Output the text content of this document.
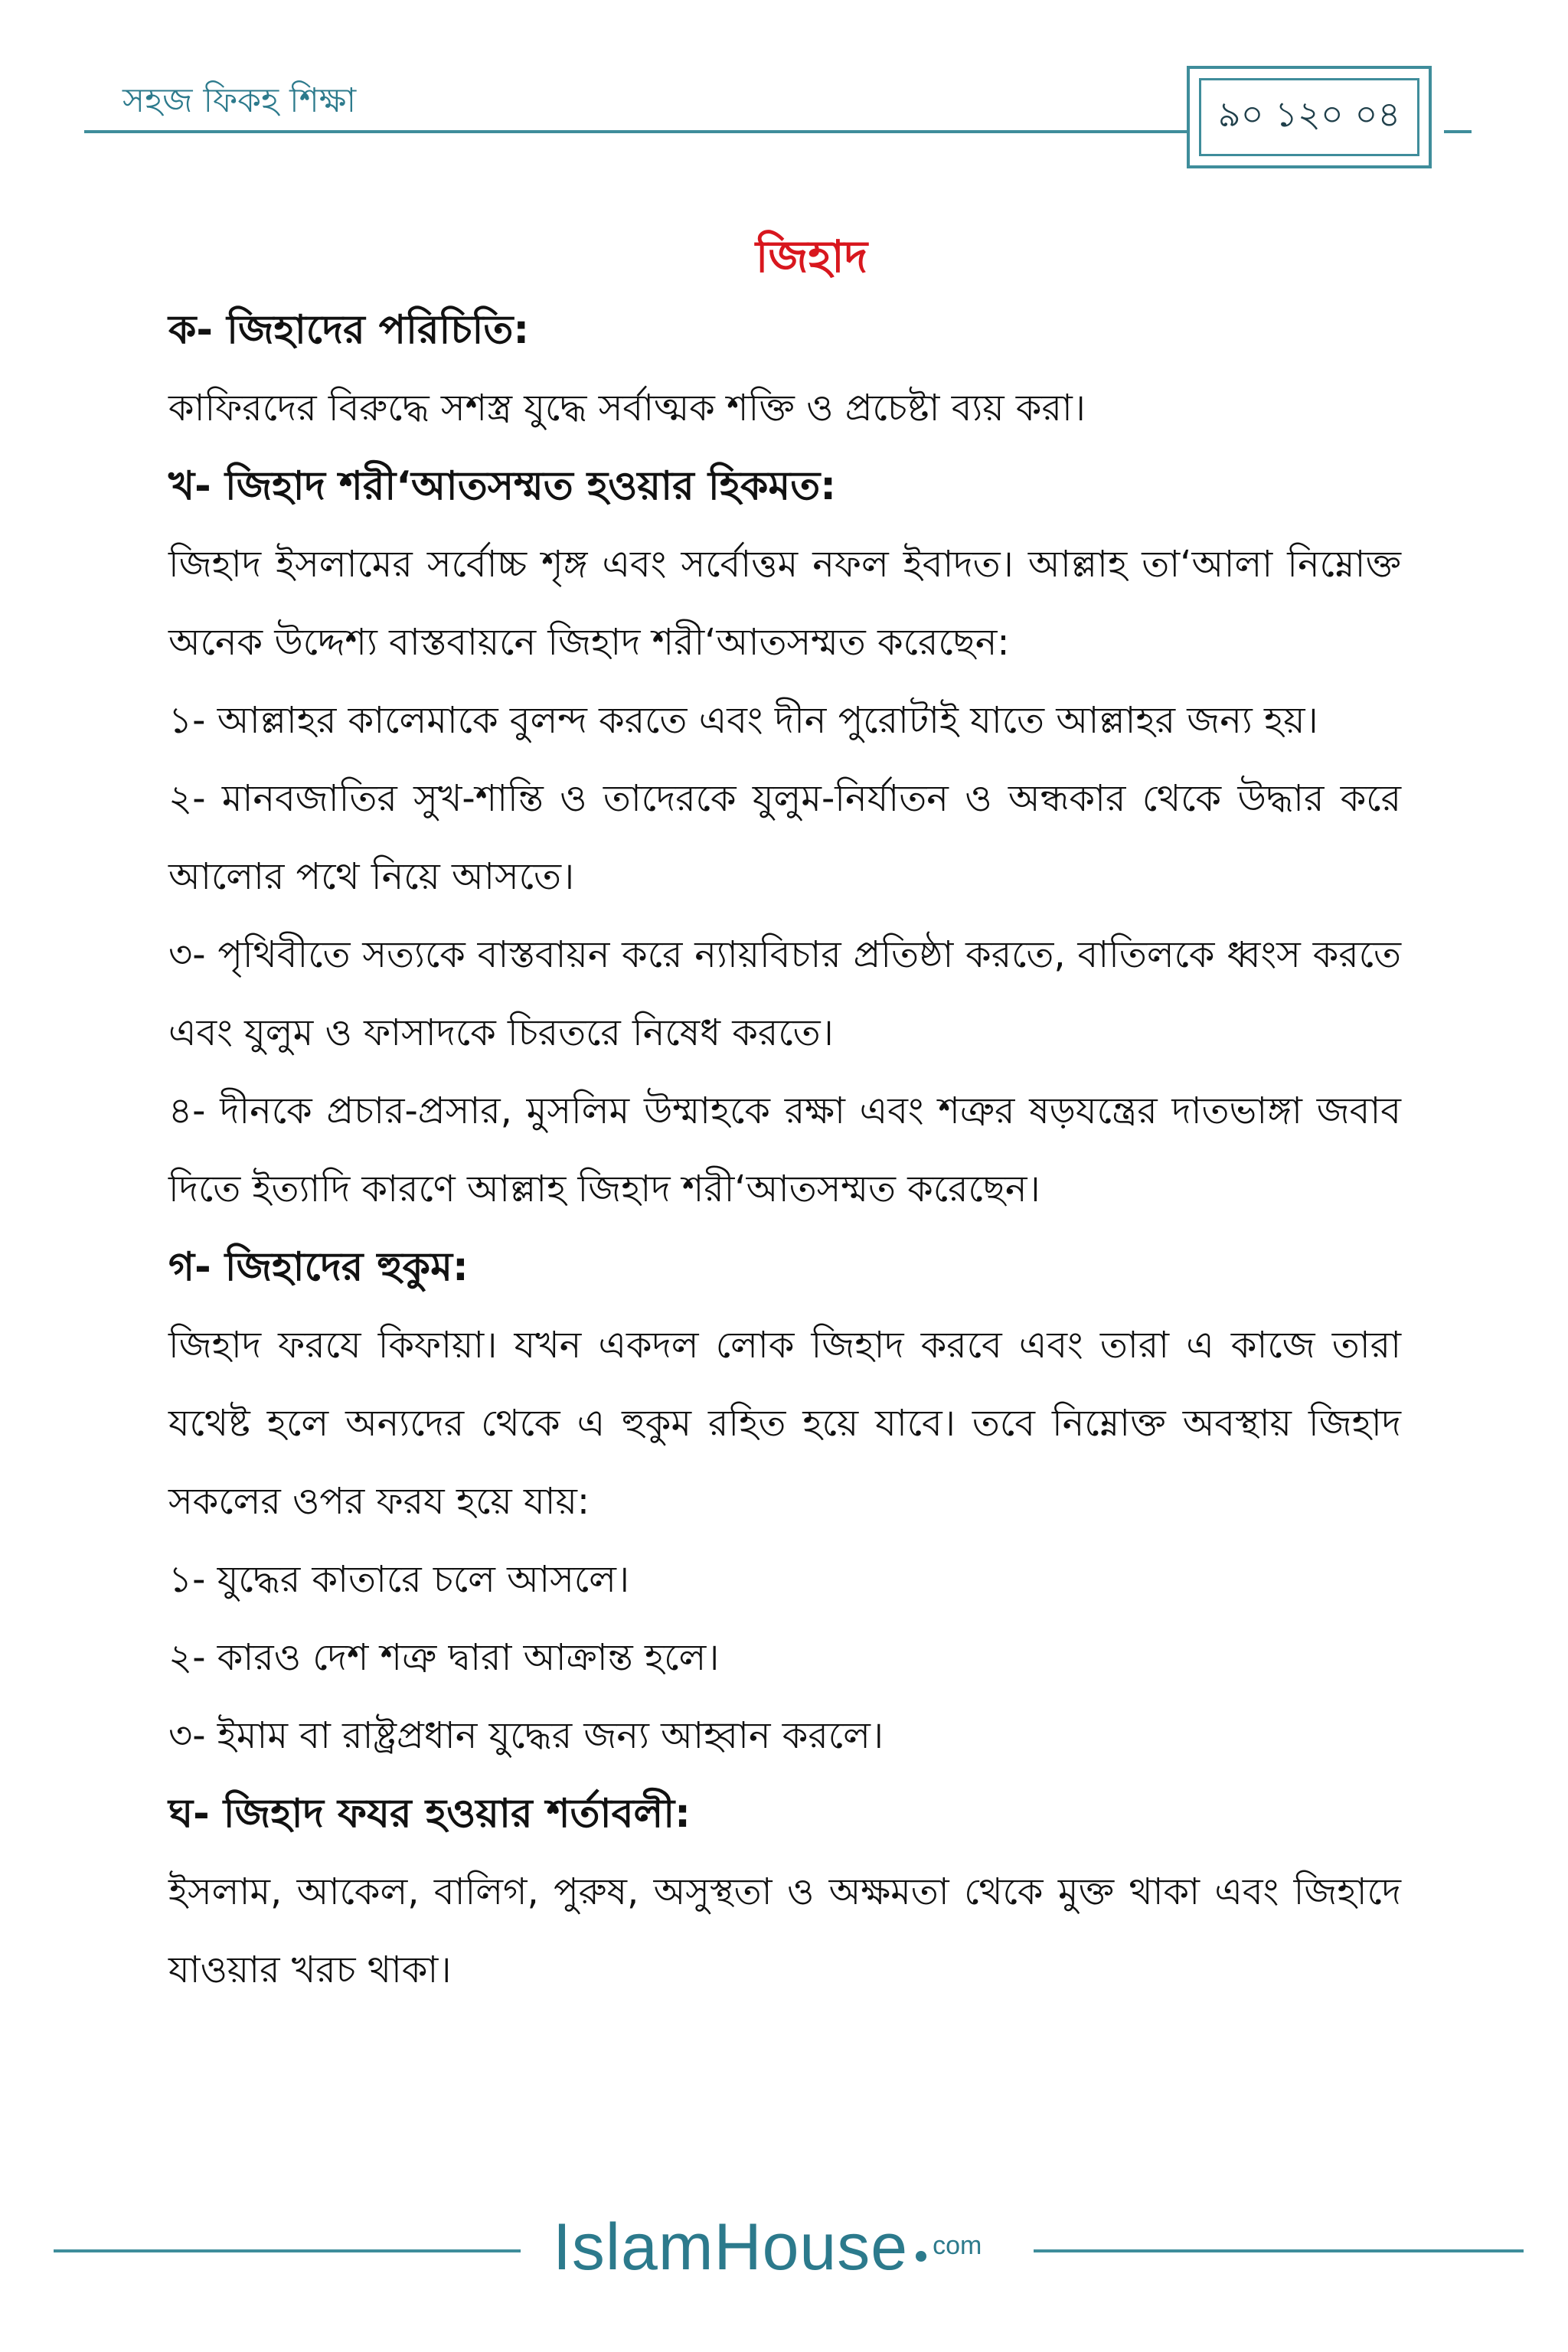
সহজ ফিকহ শিক্ষা	৯০ ১২০ ০৪
জিহাদ
ক- জিহাদের পরিচিতি:
কাফিরদের বিরুদ্ধে সশস্ত্র যুদ্ধে সর্বাত্মক শক্তি ও প্রচেষ্টা ব্যয় করা।
খ- জিহাদ শরী‘আতসম্মত হওয়ার হিকমত:
জিহাদ ইসলামের সর্বোচ্চ শৃঙ্গ এবং সর্বোত্তম নফল ইবাদত। আল্লাহ তা‘আলা নিম্নোক্ত অনেক উদ্দেশ্য বাস্তবায়নে জিহাদ শরী‘আতসম্মত করেছেন:
১- আল্লাহর কালেমাকে বুলন্দ করতে এবং দীন পুরোটাই যাতে আল্লাহর জন্য হয়।
২- মানবজাতির সুখ-শান্তি ও তাদেরকে যুলুম-নির্যাতন ও অন্ধকার থেকে উদ্ধার করে আলোর পথে নিয়ে আসতে।
৩- পৃথিবীতে সত্যকে বাস্তবায়ন করে ন্যায়বিচার প্রতিষ্ঠা করতে, বাতিলকে ধ্বংস করতে এবং যুলুম ও ফাসাদকে চিরতরে নিষেধ করতে।
৪- দীনকে প্রচার-প্রসার, মুসলিম উম্মাহকে রক্ষা এবং শত্রুর ষড়যন্ত্রের দাতভাঙ্গা জবাব দিতে ইত্যাদি কারণে আল্লাহ জিহাদ শরী‘আতসম্মত করেছেন।
গ- জিহাদের হুকুম:
জিহাদ ফরযে কিফায়া। যখন একদল লোক জিহাদ করবে এবং তারা এ কাজে তারা যথেষ্ট হলে অন্যদের থেকে এ হুকুম রহিত হয়ে যাবে। তবে নিম্নোক্ত অবস্থায় জিহাদ সকলের ওপর ফরয হয়ে যায়:
১- যুদ্ধের কাতারে চলে আসলে।
২- কারও দেশ শত্রু দ্বারা আক্রান্ত হলে।
৩- ইমাম বা রাষ্ট্রপ্রধান যুদ্ধের জন্য আহ্বান করলে।
ঘ- জিহাদ ফযর হওয়ার শর্তাবলী:
ইসলাম, আকেল, বালিগ, পুরুষ, অসুস্থতা ও অক্ষমতা থেকে মুক্ত থাকা এবং জিহাদে যাওয়ার খরচ থাকা।
IslamHouse com
